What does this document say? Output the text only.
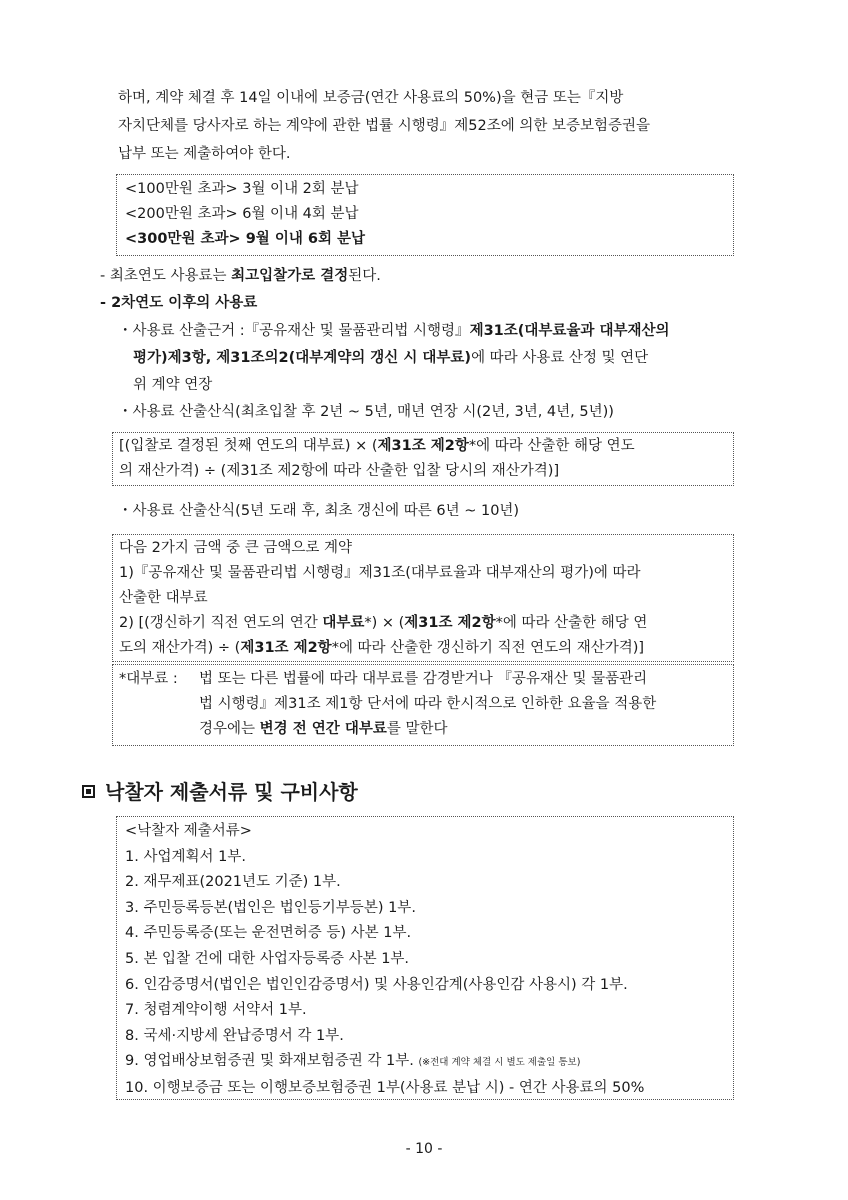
하며, 계약 체결 후 14일 이내에 보증금(연간 사용료의 50%)을 현금 또는『지방
자치단체를 당사자로 하는 계약에 관한 법률 시행령』제52조에 의한 보증보험증권을
납부 또는 제출하여야 한다.
<100만원 초과> 3월 이내 2회 분납
<200만원 초과> 6월 이내 4회 분납
<300만원 초과> 9월 이내 6회 분납
- 최초연도 사용료는 최고입찰가로 결정된다.
- 2차연도 이후의 사용료
・사용료 산출근거 :『공유재산 및 물품관리법 시행령』제31조(대부료율과 대부재산의
평가)제3항, 제31조의2(대부계약의 갱신 시 대부료)에 따라 사용료 산정 및 연단
위 계약 연장
・사용료 산출산식(최초입찰 후 2년 ~ 5년, 매년 연장 시(2년, 3년, 4년, 5년))
[(입찰로 결정된 첫째 연도의 대부료) × (제31조 제2항*에 따라 산출한 해당 연도
의 재산가격) ÷ (제31조 제2항에 따라 산출한 입찰 당시의 재산가격)]
・사용료 산출산식(5년 도래 후, 최초 갱신에 따른 6년 ~ 10년)
다음 2가지 금액 중 큰 금액으로 계약
1)『공유재산 및 물품관리법 시행령』제31조(대부료율과 대부재산의 평가)에 따라
산출한 대부료
2) [(갱신하기 직전 연도의 연간 대부료*) × (제31조 제2항*에 따라 산출한 해당 연
도의 재산가격) ÷ (제31조 제2항*에 따라 산출한 갱신하기 직전 연도의 재산가격)]
*대부료 : 법 또는 다른 법률에 따라 대부료를 감경받거나 『공유재산 및 물품관리
법 시행령』제31조 제1항 단서에 따라 한시적으로 인하한 요율을 적용한
경우에는 변경 전 연간 대부료를 말한다
낙찰자 제출서류 및 구비사항
<낙찰자 제출서류>
1. 사업계획서 1부.
2. 재무제표(2021년도 기준) 1부.
3. 주민등록등본(법인은 법인등기부등본) 1부.
4. 주민등록증(또는 운전면허증 등) 사본 1부.
5. 본 입찰 건에 대한 사업자등록증 사본 1부.
6. 인감증명서(법인은 법인인감증명서) 및 사용인감계(사용인감 사용시) 각 1부.
7. 청렴계약이행 서약서 1부.
8. 국세·지방세 완납증명서 각 1부.
9. 영업배상보험증권 및 화재보험증권 각 1부. (※전대 계약 체결 시 별도 제출일 통보)
10. 이행보증금 또는 이행보증보험증권 1부(사용료 분납 시) - 연간 사용료의 50%
- 10 -
